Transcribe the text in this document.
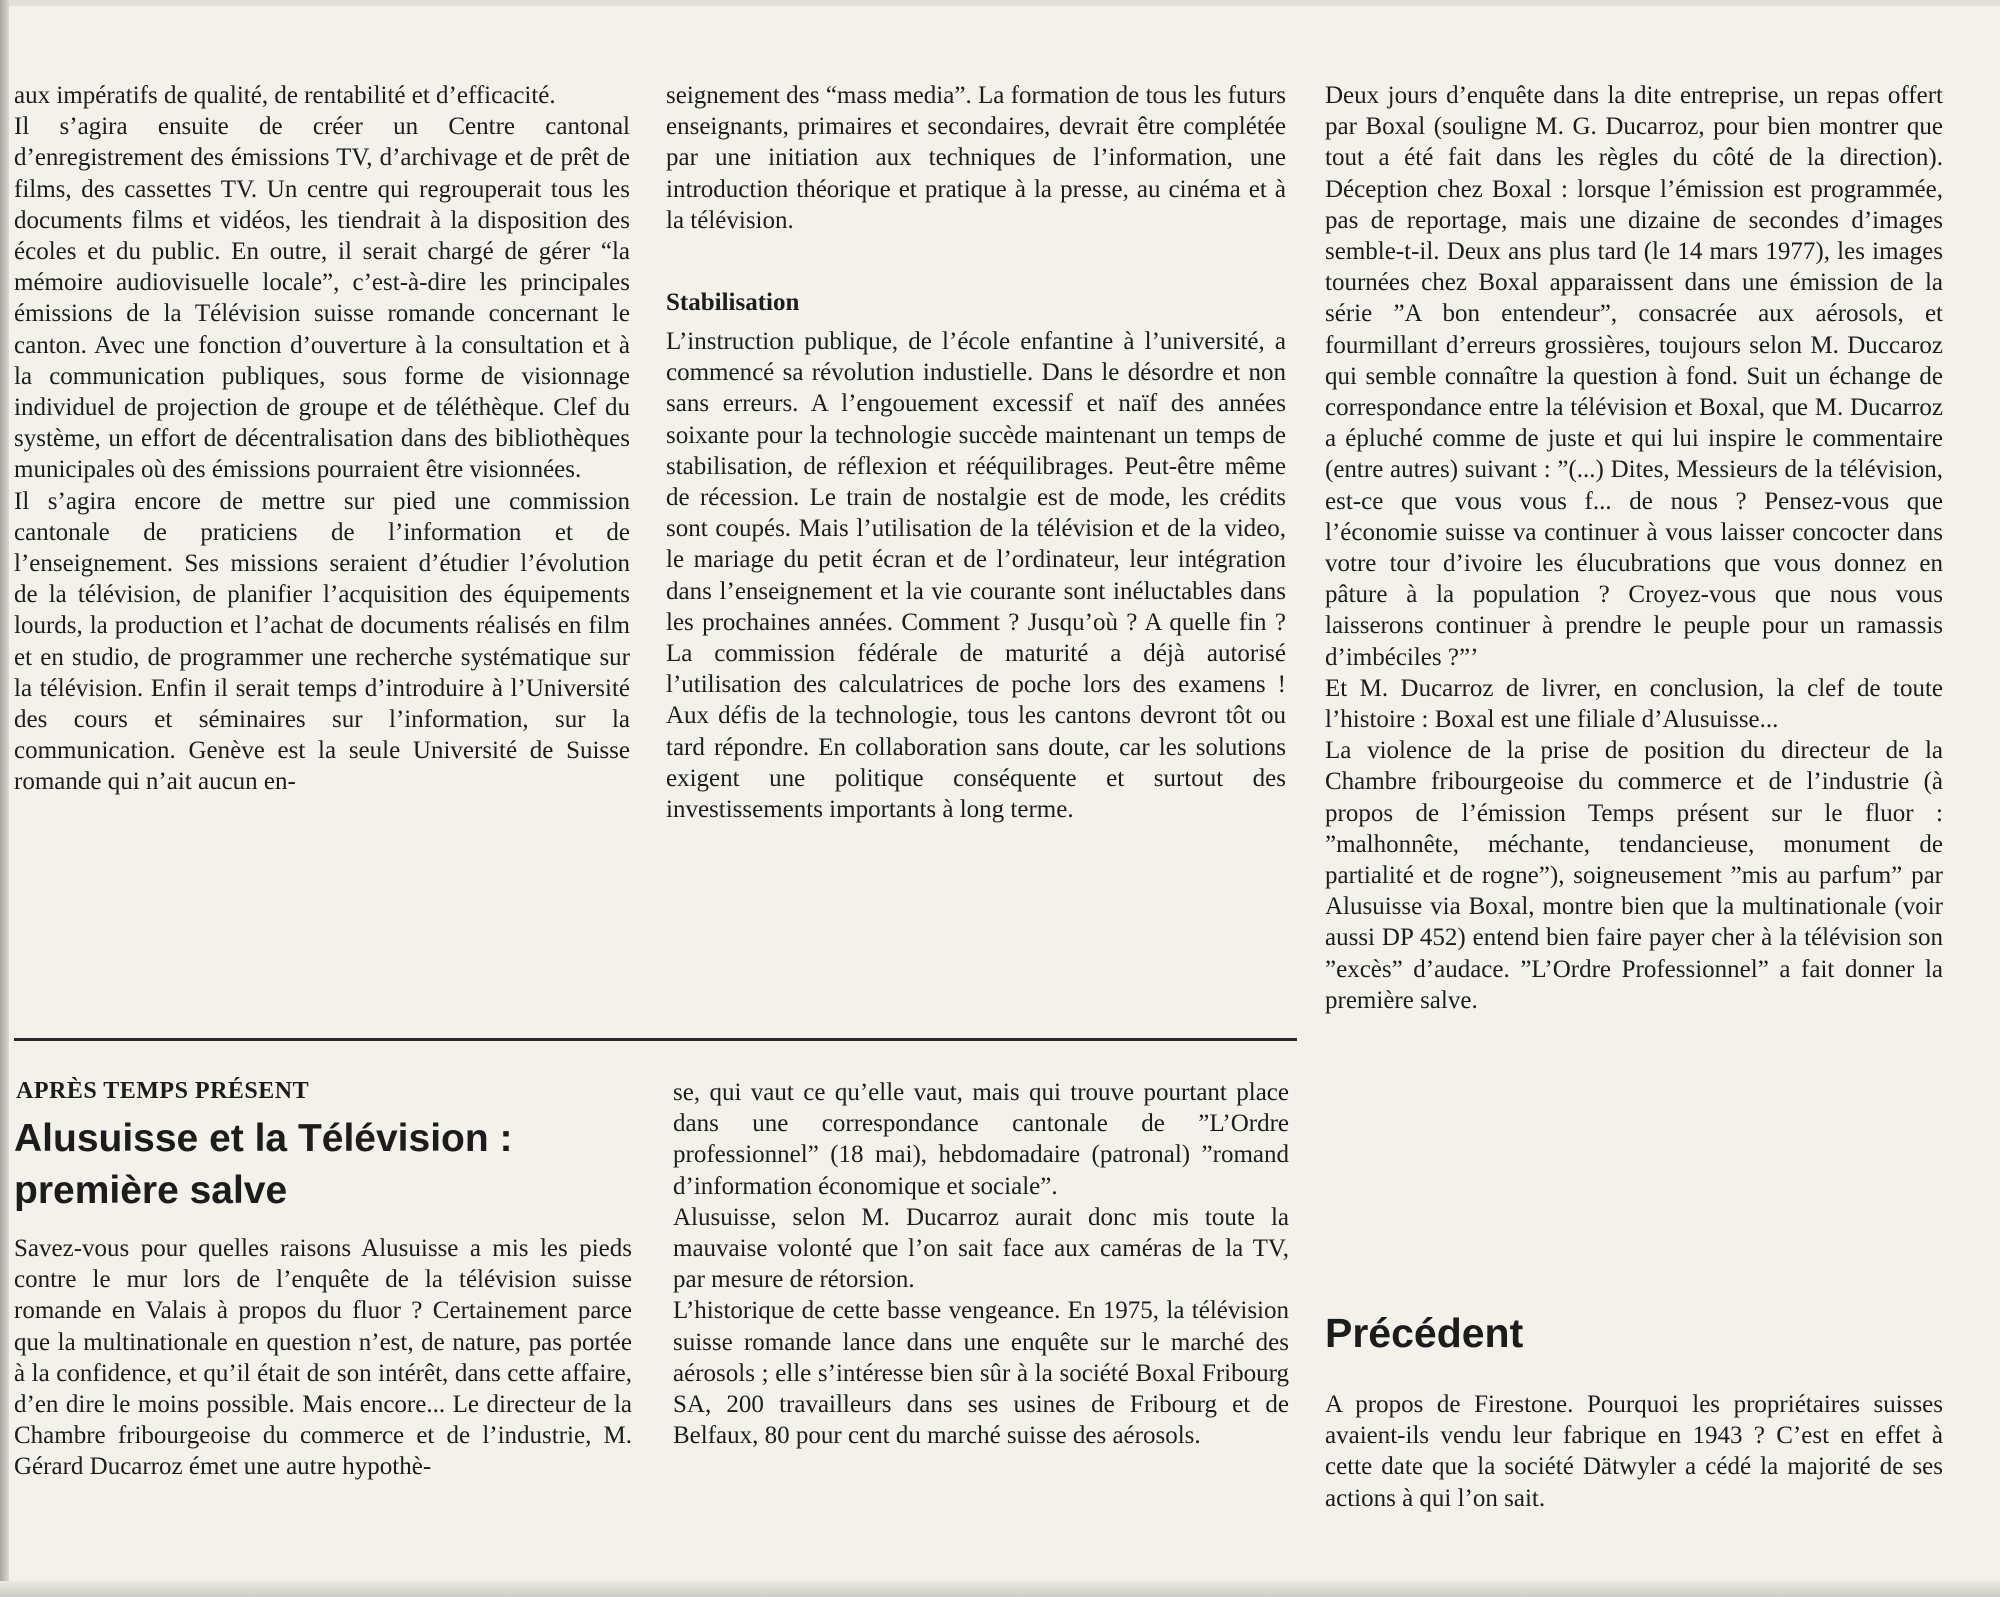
aux impératifs de qualité, de rentabilité et d’efficacité.

Il s’agira ensuite de créer un Centre cantonal d’enregistrement des émissions TV, d’archivage et de prêt de films, des cassettes TV. Un centre qui regrouperait tous les documents films et vidéos, les tiendrait à la disposition des écoles et du public. En outre, il serait chargé de gérer “la mémoire audiovisuelle locale”, c’est-à-dire les principales émissions de la Télévision suisse romande concernant le canton. Avec une fonction d’ouverture à la consultation et à la communication publiques, sous forme de visionnage individuel de projection de groupe et de téléthèque. Clef du système, un effort de décentralisation dans des bibliothèques municipales où des émissions pourraient être visionnées.

Il s’agira encore de mettre sur pied une commission cantonale de praticiens de l’information et de l’enseignement. Ses missions seraient d’étudier l’évolution de la télévision, de planifier l’acquisition des équipements lourds, la production et l’achat de documents réalisés en film et en studio, de programmer une recherche systématique sur la télévision. Enfin il serait temps d’introduire à l’Université des cours et séminaires sur l’information, sur la communication. Genève est la seule Université de Suisse romande qui n’ait aucun en-

seignement des “mass media”. La formation de tous les futurs enseignants, primaires et secondaires, devrait être complétée par une initiation aux techniques de l’information, une introduction théorique et pratique à la presse, au cinéma et à la télévision.

Stabilisation

L’instruction publique, de l’école enfantine à l’université, a commencé sa révolution industielle. Dans le désordre et non sans erreurs. A l’engouement excessif et naïf des années soixante pour la technologie succède maintenant un temps de stabilisation, de réflexion et rééquilibrages. Peut-être même de récession. Le train de nostalgie est de mode, les crédits sont coupés. Mais l’utilisation de la télévision et de la video, le mariage du petit écran et de l’ordinateur, leur intégration dans l’enseignement et la vie courante sont inéluctables dans les prochaines années. Comment ? Jusqu’où ? A quelle fin ? La commission fédérale de maturité a déjà autorisé l’utilisation des calculatrices de poche lors des examens ! Aux défis de la technologie, tous les cantons devront tôt ou tard répondre. En collaboration sans doute, car les solutions exigent une politique conséquente et surtout des investissements importants à long terme.

Deux jours d’enquête dans la dite entreprise, un repas offert par Boxal (souligne M. G. Ducarroz, pour bien montrer que tout a été fait dans les règles du côté de la direction). Déception chez Boxal : lorsque l’émission est programmée, pas de reportage, mais une dizaine de secondes d’images semble-t-il. Deux ans plus tard (le 14 mars 1977), les images tournées chez Boxal apparaissent dans une émission de la série ”A bon entendeur”, consacrée aux aérosols, et fourmillant d’erreurs grossières, toujours selon M. Duccaroz qui semble connaître la question à fond. Suit un échange de correspondance entre la télévision et Boxal, que M. Ducarroz a épluché comme de juste et qui lui inspire le commentaire (entre autres) suivant : ”(...) Dites, Messieurs de la télévision, est-ce que vous vous f... de nous ? Pensez-vous que l’économie suisse va continuer à vous laisser concocter dans votre tour d’ivoire les élucubrations que vous donnez en pâture à la population ? Croyez-vous que nous vous laisserons continuer à prendre le peuple pour un ramassis d’imbéciles ?”’

Et M. Ducarroz de livrer, en conclusion, la clef de toute l’histoire : Boxal est une filiale d’Alusuisse...

La violence de la prise de position du directeur de la Chambre fribourgeoise du commerce et de l’industrie (à propos de l’émission Temps présent sur le fluor : ”malhonnête, méchante, tendancieuse, monument de partialité et de rogne”), soigneusement ”mis au parfum” par Alusuisse via Boxal, montre bien que la multinationale (voir aussi DP 452) entend bien faire payer cher à la télévision son ”excès” d’audace. ”L’Ordre Professionnel” a fait donner la première salve.

APRÈS TEMPS PRÉSENT
Alusuisse et la Télévision :
première salve

Savez-vous pour quelles raisons Alusuisse a mis les pieds contre le mur lors de l’enquête de la télévision suisse romande en Valais à propos du fluor ? Certainement parce que la multinationale en question n’est, de nature, pas portée à la confidence, et qu’il était de son intérêt, dans cette affaire, d’en dire le moins possible. Mais encore... Le directeur de la Chambre fribourgeoise du commerce et de l’industrie, M. Gérard Ducarroz émet une autre hypothè-

se, qui vaut ce qu’elle vaut, mais qui trouve pourtant place dans une correspondance cantonale de ”L’Ordre professionnel” (18 mai), hebdomadaire (patronal) ”romand d’information économique et sociale”.

Alusuisse, selon M. Ducarroz aurait donc mis toute la mauvaise volonté que l’on sait face aux caméras de la TV, par mesure de rétorsion.

L’historique de cette basse vengeance. En 1975, la télévision suisse romande lance dans une enquête sur le marché des aérosols ; elle s’intéresse bien sûr à la société Boxal Fribourg SA, 200 travailleurs dans ses usines de Fribourg et de Belfaux, 80 pour cent du marché suisse des aérosols.

Précédent

A propos de Firestone. Pourquoi les propriétaires suisses avaient-ils vendu leur fabrique en 1943 ? C’est en effet à cette date que la société Dätwyler a cédé la majorité de ses actions à qui l’on sait.
